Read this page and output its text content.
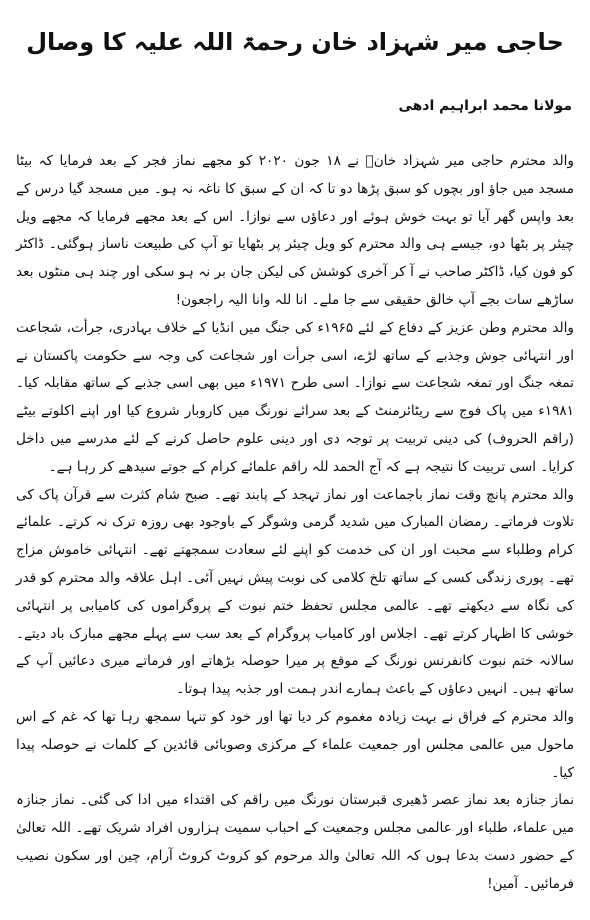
حاجی میر شہزاد خان رحمۃ اللہ علیہ کا وصال
مولانا محمد ابراہیم ادھی

والد محترم حاجی میر شہزاد خانؒ نے ۱۸ جون ۲۰۲۰ کو مجھے نماز فجر کے بعد فرمایا کہ بیٹا مسجد میں جاؤ اور بچوں کو سبق پڑھا دو تا کہ ان کے سبق کا ناغہ نہ ہو۔ میں مسجد گیا درس کے بعد واپس گھر آیا تو بہت خوش ہوئے اور دعاؤں سے نوازا۔ اس کے بعد مجھے فرمایا کہ مجھے ویل چیئر پر بٹھا دو، جیسے ہی والد محترم کو ویل چیئر پر بٹھایا تو آپ کی طبیعت ناساز ہوگئی۔ ڈاکٹر کو فون کیا، ڈاکٹر صاحب نے آ کر آخری کوشش کی لیکن جان بر نہ ہو سکی اور چند ہی منٹوں بعد ساڑھے سات بجے آپ خالق حقیقی سے جا ملے۔ انا للہ وانا الیہ راجعون!

والد محترم وطن عزیز کے دفاع کے لئے ۱۹۶۵ء کی جنگ میں انڈیا کے خلاف بہادری، جرأت، شجاعت اور انتہائی جوش وجذبے کے ساتھ لڑے، اسی جرأت اور شجاعت کی وجہ سے حکومت پاکستان نے تمغہ جنگ اور تمغہ شجاعت سے نوازا۔ اسی طرح ۱۹۷۱ء میں بھی اسی جذبے کے ساتھ مقابلہ کیا۔ ۱۹۸۱ء میں پاک فوج سے ریٹائرمنٹ کے بعد سرائے نورنگ میں کاروبار شروع کیا اور اپنے اکلوتے بیٹے (راقم الحروف) کی دینی تربیت پر توجہ دی اور دینی علوم حاصل کرنے کے لئے مدرسے میں داخل کرایا۔ اسی تربیت کا نتیجہ ہے کہ آج الحمد للہ راقم علمائے کرام کے جوتے سیدھے کر رہا ہے۔

والد محترم پانچ وقت نماز باجماعت اور نماز تہجد کے پابند تھے۔ صبح شام کثرت سے قرآن پاک کی تلاوت فرماتے۔ رمضان المبارک میں شدید گرمی وشوگر کے باوجود بھی روزہ ترک نہ کرتے۔ علمائے کرام وطلباء سے محبت اور ان کی خدمت کو اپنے لئے سعادت سمجھتے تھے۔ انتہائی خاموش مزاج تھے۔ پوری زندگی کسی کے ساتھ تلخ کلامی کی نوبت پیش نہیں آئی۔ اہل علاقہ والد محترم کو قدر کی نگاہ سے دیکھتے تھے۔ عالمی مجلس تحفظ ختم نبوت کے پروگراموں کی کامیابی پر انتہائی خوشی کا اظہار کرتے تھے۔ اجلاس اور کامیاب پروگرام کے بعد سب سے پہلے مجھے مبارک باد دیتے۔ سالانہ ختم نبوت کانفرنس نورنگ کے موقع پر میرا حوصلہ بڑھاتے اور فرماتے میری دعائیں آپ کے ساتھ ہیں۔ انہیں دعاؤں کے باعث ہمارے اندر ہمت اور جذبہ پیدا ہوتا۔

والد محترم کے فراق نے بہت زیادہ مغموم کر دیا تھا اور خود کو تنہا سمجھ رہا تھا کہ غم کے اس ماحول میں عالمی مجلس اور جمعیت علماء کے مرکزی وصوبائی قائدین کے کلمات نے حوصلہ پیدا کیا۔

نماز جنازہ بعد نماز عصر ڈھیری قبرستان نورنگ میں راقم کی اقتداء میں ادا کی گئی۔ نماز جنازہ میں علماء، طلباء اور عالمی مجلس وجمعیت کے احباب سمیت ہزاروں افراد شریک تھے۔ اللہ تعالیٰ کے حضور دست بدعا ہوں کہ اللہ تعالیٰ والد مرحوم کو کروٹ کروٹ آرام، چین اور سکون نصیب فرمائیں۔ آمین!
